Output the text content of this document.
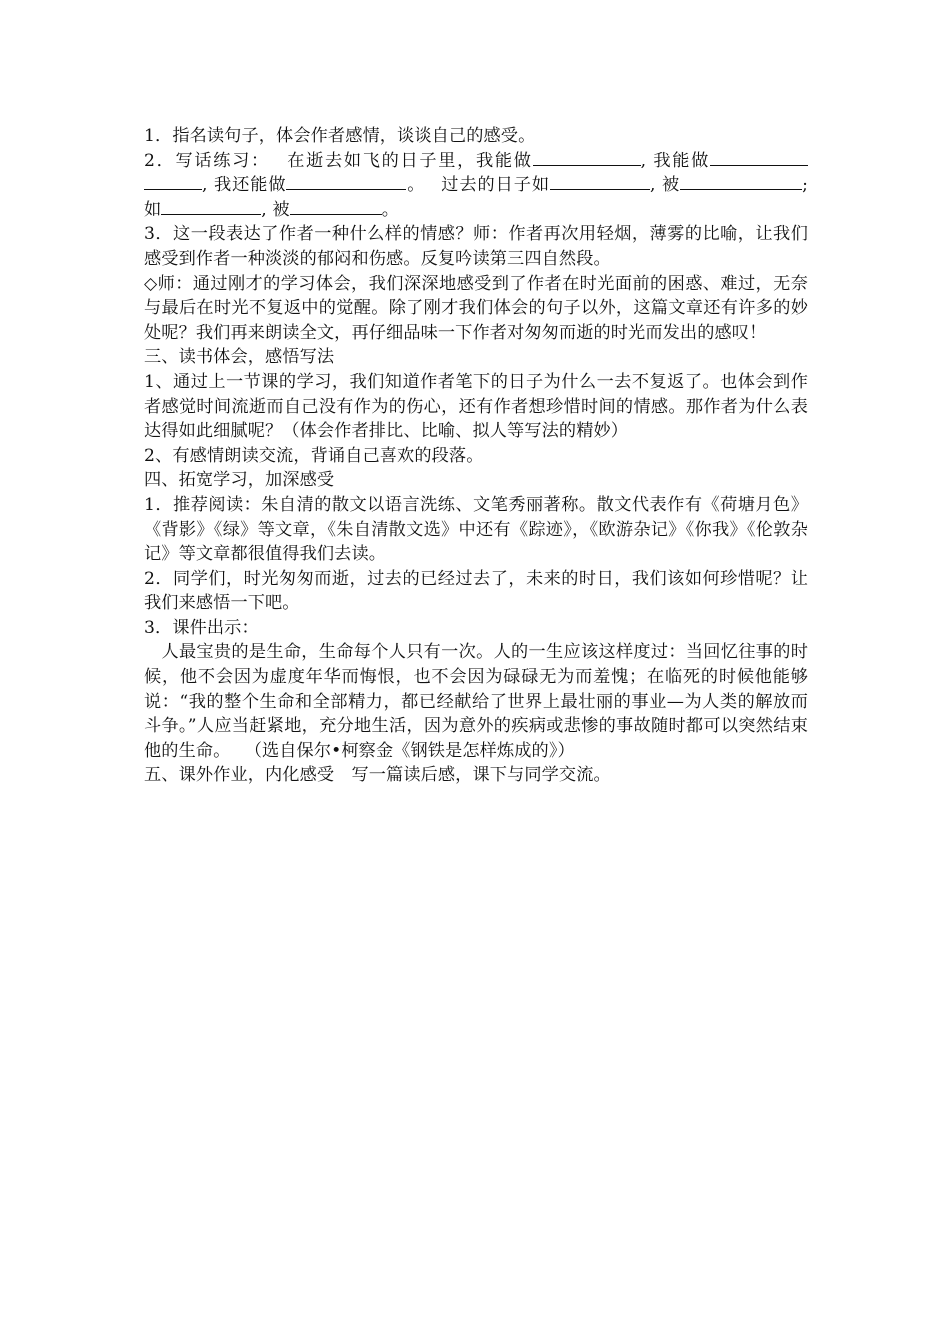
1．指名读句子，体会作者感情，谈谈自己的感受。

2．写话练习：　 在逝去如飞的日子里，我能做	, 我能做, 我还能做	。　 过去的日子如	, 被	;如	, 被	。

3．这一段表达了作者一种什么样的情感？师：作者再次用轻烟，薄雾的比喻，让我们感受到作者一种淡淡的郁闷和伤感。反复吟读第三四自然段。

◇师：通过刚才的学习体会，我们深深地感受到了作者在时光面前的困惑、难过，无奈与最后在时光不复返中的觉醒。除了刚才我们体会的句子以外，这篇文章还有许多的妙处呢？我们再来朗读全文，再仔细品味一下作者对匆匆而逝的时光而发出的感叹！

三、读书体会，感悟写法

1、通过上一节课的学习，我们知道作者笔下的日子为什么一去不复返了。也体会到作者感觉时间流逝而自己没有作为的伤心，还有作者想珍惜时间的情感。那作者为什么表达得如此细腻呢？（体会作者排比、比喻、拟人等写法的精妙）

2、有感情朗读交流，背诵自己喜欢的段落。

四、拓宽学习，加深感受

1．推荐阅读：朱自清的散文以语言洗练、文笔秀丽著称。散文代表作有《荷塘月色》《背影》《绿》等文章，《朱自清散文选》中还有《踪迹》，《欧游杂记》《你我》《伦敦杂记》等文章都很值得我们去读。

2．同学们，时光匆匆而逝，过去的已经过去了，未来的时日，我们该如何珍惜呢？让我们来感悟一下吧。

3．课件出示：

　人最宝贵的是生命，生命每个人只有一次。人的一生应该这样度过：当回忆往事的时候，他不会因为虚度年华而悔恨，也不会因为碌碌无为而羞愧；在临死的时候他能够说：“我的整个生命和全部精力，都已经献给了世界上最壮丽的事业—为人类的解放而斗争。”人应当赶紧地，充分地生活，因为意外的疾病或悲惨的事故随时都可以突然结束他的生命。　 （选自保尔•柯察金《钢铁是怎样炼成的》）

五、课外作业，内化感受　写一篇读后感，课下与同学交流。
